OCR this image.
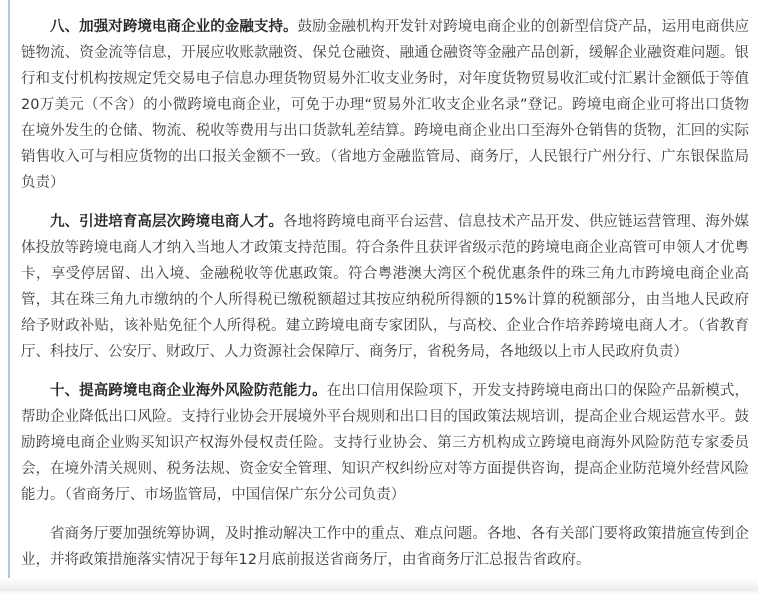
八、加强对跨境电商企业的金融支持。鼓励金融机构开发针对跨境电商企业的创新型信贷产品，运用电商供应链物流、资金流等信息，开展应收账款融资、保兑仓融资、融通仓融资等金融产品创新，缓解企业融资难问题。银行和支付机构按规定凭交易电子信息办理货物贸易外汇收支业务时，对年度货物贸易收汇或付汇累计金额低于等值20万美元（不含）的小微跨境电商企业，可免于办理“贸易外汇收支企业名录”登记。跨境电商企业可将出口货物在境外发生的仓储、物流、税收等费用与出口货款轧差结算。跨境电商企业出口至海外仓销售的货物，汇回的实际销售收入可与相应货物的出口报关金额不一致。（省地方金融监管局、商务厅，人民银行广州分行、广东银保监局负责）

九、引进培育高层次跨境电商人才。各地将跨境电商平台运营、信息技术产品开发、供应链运营管理、海外媒体投放等跨境电商人才纳入当地人才政策支持范围。符合条件且获评省级示范的跨境电商企业高管可申领人才优粤卡，享受停居留、出入境、金融税收等优惠政策。符合粤港澳大湾区个税优惠条件的珠三角九市跨境电商企业高管，其在珠三角九市缴纳的个人所得税已缴税额超过其按应纳税所得额的15%计算的税额部分，由当地人民政府给予财政补贴，该补贴免征个人所得税。建立跨境电商专家团队，与高校、企业合作培养跨境电商人才。（省教育厅、科技厅、公安厅、财政厅、人力资源社会保障厅、商务厅，省税务局，各地级以上市人民政府负责）

十、提高跨境电商企业海外风险防范能力。在出口信用保险项下，开发支持跨境电商出口的保险产品新模式，帮助企业降低出口风险。支持行业协会开展境外平台规则和出口目的国政策法规培训，提高企业合规运营水平。鼓励跨境电商企业购买知识产权海外侵权责任险。支持行业协会、第三方机构成立跨境电商海外风险防范专家委员会，在境外清关规则、税务法规、资金安全管理、知识产权纠纷应对等方面提供咨询，提高企业防范境外经营风险能力。（省商务厅、市场监管局，中国信保广东分公司负责）

省商务厅要加强统筹协调，及时推动解决工作中的重点、难点问题。各地、各有关部门要将政策措施宣传到企业，并将政策措施落实情况于每年12月底前报送省商务厅，由省商务厅汇总报告省政府。
